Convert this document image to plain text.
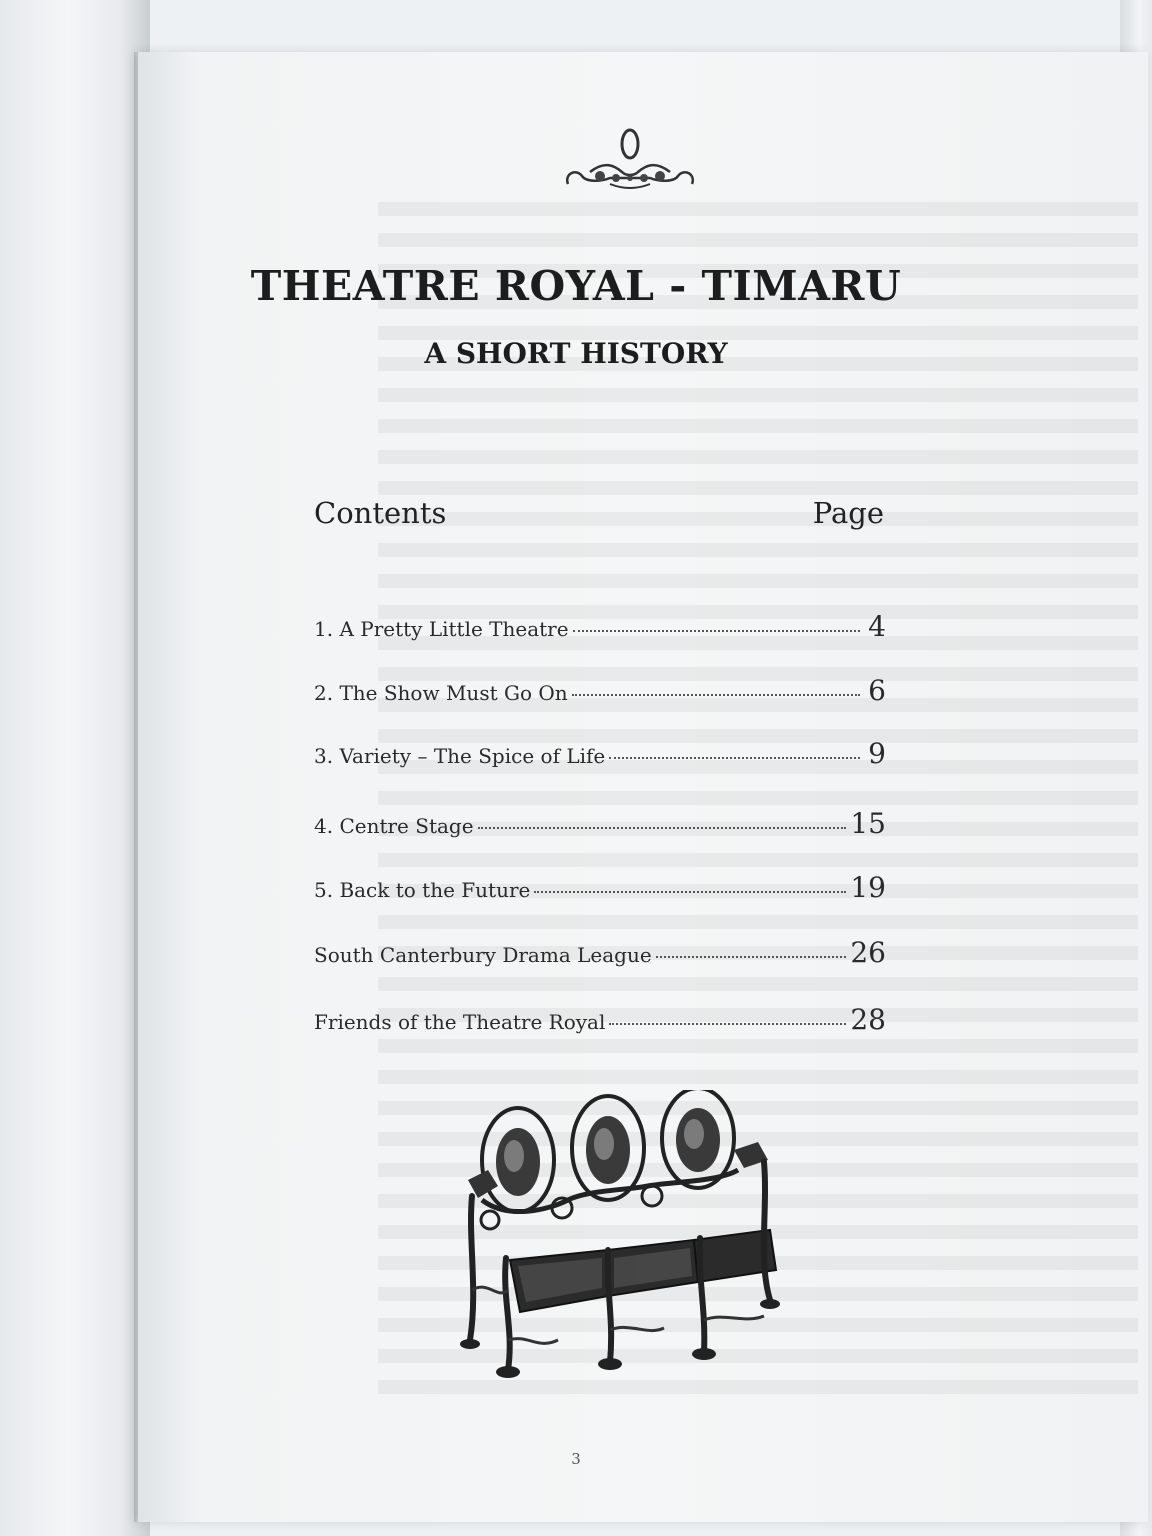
THEATRE ROYAL - TIMARU
A SHORT HISTORY
Contents	Page
1. A Pretty Little Theatre	4
2. The Show Must Go On	6
3. Variety – The Spice of Life	9
4. Centre Stage	15
5. Back to the Future	19
South Canterbury Drama League	26
Friends of the Theatre Royal	28
3
